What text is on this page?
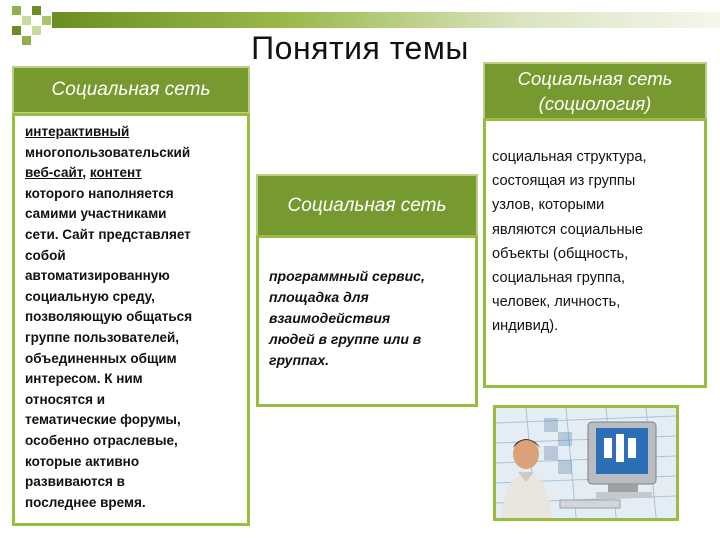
Понятия темы
Социальная сеть
интерактивный
многопользовательский
веб-сайт, контент
которого наполняется
самими участниками
сети. Сайт представляет
собой
автоматизированную
социальную среду,
позволяющую общаться
группе пользователей,
объединенных общим
интересом. К ним
относятся и
тематические форумы,
особенно отраслевые,
которые активно
развиваются в
последнее время.
Социальная сеть
программный сервис,
площадка для
взаимодействия
людей в группе или в
группах.
Социальная сеть
(социология)
социальная структура,
состоящая из группы
узлов, которыми
являются социальные
объекты (общность,
социальная группа,
человек, личность,
индивид).
